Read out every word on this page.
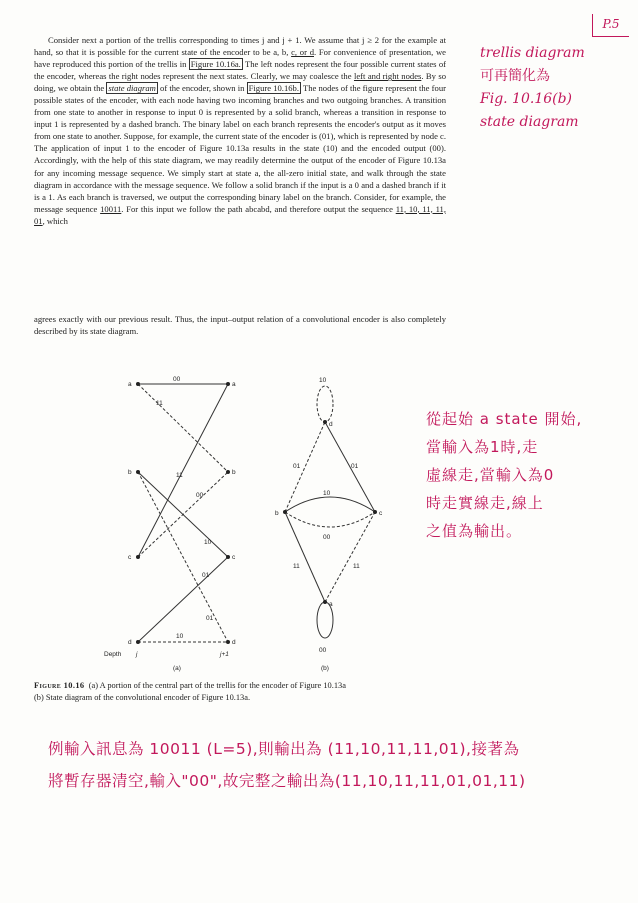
P.5

Consider next a portion of the trellis corresponding to times j and j + 1. We assume that j ≥ 2 for the example at hand, so that it is possible for the current state of the encoder to be a, b, c, or d. For convenience of presentation, we have reproduced this portion of the trellis in Figure 10.16a. The left nodes represent the four possible current states of the encoder, whereas the right nodes represent the next states. Clearly, we may coalesce the left and right nodes. By so doing, we obtain the state diagram of the encoder, shown in Figure 10.16b. The nodes of the figure represent the four possible states of the encoder, with each node having two incoming branches and two outgoing branches. A transition from one state to another in response to input 0 is represented by a solid branch, whereas a transition in response to input 1 is represented by a dashed branch. The binary label on each branch represents the encoder's output as it moves from one state to another. Suppose, for example, the current state of the encoder is (01), which is represented by node c. The application of input 1 to the encoder of Figure 10.13a results in the state (10) and the encoded output (00). Accordingly, with the help of this state diagram, we may readily determine the output of the encoder of Figure 10.13a for any incoming message sequence. We simply start at state a, the all-zero initial state, and walk through the state diagram in accordance with the message sequence. We follow a solid branch if the input is a 0 and a dashed branch if it is a 1. As each branch is traversed, we output the corresponding binary label on the branch. Consider, for example, the message sequence 10011. For this input we follow the path abcabd, and therefore output the sequence 11, 10, 11, 11, 01, which

agrees exactly with our previous result. Thus, the input–output relation of a convolutional encoder is also completely described by its state diagram.

trellis diagram
可再簡化為
Fig. 10.16(b)
state diagram
a
b
c
d
a
b
c
d
00
11
11
00
10
01
01
10
Depth j	j+1
(a)
d
b	c
a
10
01	01
10
00
11	11
00
(b)
從起始 a state 開始,
當輸入為1時,走
虛線走,當輸入為0
時走實線走,線上
之值為輸出。
Figure 10.16 (a) A portion of the central part of the trellis for the encoder of Figure 10.13a
(b) State diagram of the convolutional encoder of Figure 10.13a.
例輸入訊息為 10011 (L=5),則輸出為 (11,10,11,11,01),接著為
將暫存器清空,輸入"00",故完整之輸出為(11,10,11,11,01,01,11)
